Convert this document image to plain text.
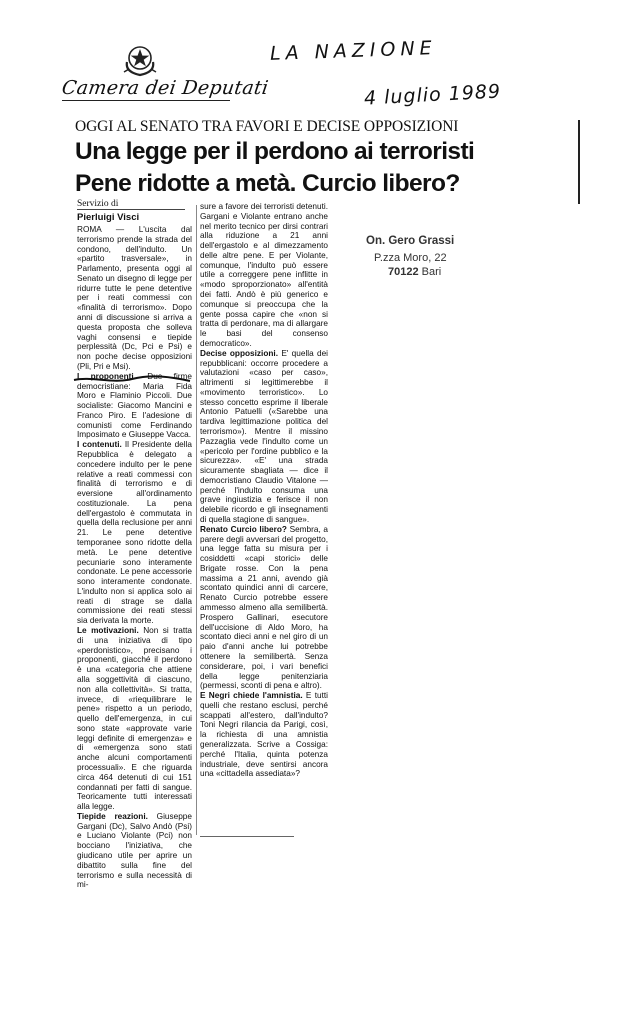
Camera dei Deputati
LA NAZIONE
4 luglio 1989
OGGI AL SENATO TRA FAVORI E DECISE OPPOSIZIONI
Una legge per il perdono ai terroristi
Pene ridotte a metà. Curcio libero?
Servizio di
Pierluigi Visci

ROMA — L'uscita dal terrorismo prende la strada del condono, dell'indulto. Un «partito trasversale», in Parlamento, presenta oggi al Senato un disegno di legge per ridurre tutte le pene detentive per i reati commessi con «finalità di terrorismo». Dopo anni di discussione si arriva a questa proposta che solleva vaghi consensi e tiepide perplessità (Dc, Pci e Psi) e non poche decise opposizioni (Pli, Pri e Msi).

I proponenti. Due firme democristiane: Maria Fida Moro e Flaminio Piccoli. Due socialiste: Giacomo Mancini e Franco Piro. E l'adesione di comunisti come Ferdinando Imposimato e Giuseppe Vacca.

I contenuti. Il Presidente della Repubblica è delegato a concedere indulto per le pene relative a reati commessi con finalità di terrorismo e di eversione all'ordinamento costituzionale. La pena dell'ergastolo è commutata in quella della reclusione per anni 21. Le pene detentive temporanee sono ridotte della metà. Le pene detentive pecuniarie sono interamente condonate. Le pene accessorie sono interamente condonate. L'indulto non si applica solo ai reati di strage se dalla commissione dei reati stessi sia derivata la morte.

Le motivazioni. Non si tratta di una iniziativa di tipo «perdonistico», precisano i proponenti, giacché il perdono è una «categoria che attiene alla soggettività di ciascuno, non alla collettività». Si tratta, invece, di «riequilibrare le pene» rispetto a un periodo, quello dell'emergenza, in cui sono state «approvate varie leggi definite di emergenza» e di «emergenza sono stati anche alcuni comportamenti processuali». E che riguarda circa 464 detenuti di cui 151 condannati per fatti di sangue. Teoricamente tutti interessati alla legge.

Tiepide reazioni. Giuseppe Gargani (Dc), Salvo Andò (Psi) e Luciano Violante (Pci) non bocciano l'iniziativa, che giudicano utile per aprire un dibattito sulla fine del terrorismo e sulla necessità di mi-

sure a favore dei terroristi detenuti. Gargani e Violante entrano anche nel merito tecnico per dirsi contrari alla riduzione a 21 anni dell'ergastolo e al dimezzamento delle altre pene. E per Violante, comunque, l'indulto può essere utile a correggere pene inflitte in «modo sproporzionato» all'entità dei fatti. Andò è più generico e comunque si preoccupa che la gente possa capire che «non si tratta di perdonare, ma di allargare le basi del consenso democratico».

Decise opposizioni. E' quella dei repubblicani: occorre procedere a valutazioni «caso per caso», altrimenti si legittimerebbe il «movimento terroristico». Lo stesso concetto esprime il liberale Antonio Patuelli («Sarebbe una tardiva legittimazione politica del terrorismo»). Mentre il missino Pazzaglia vede l'indulto come un «pericolo per l'ordine pubblico e la sicurezza». «E' una strada sicuramente sbagliata — dice il democristiano Claudio Vitalone — perché l'indulto consuma una grave ingiustizia e ferisce il non delebile ricordo e gli insegnamenti di quella stagione di sangue».

Renato Curcio libero? Sembra, a parere degli avversari del progetto, una legge fatta su misura per i cosiddetti «capi storici» delle Brigate rosse. Con la pena massima a 21 anni, avendo già scontato quindici anni di carcere, Renato Curcio potrebbe essere ammesso almeno alla semilibertà. Prospero Gallinari, esecutore dell'uccisione di Aldo Moro, ha scontato dieci anni e nel giro di un paio d'anni anche lui potrebbe ottenere la semilibertà. Senza considerare, poi, i vari benefici della legge penitenziaria (permessi, sconti di pena e altro).

E Negri chiede l'amnistia. E tutti quelli che restano esclusi, perché scappati all'estero, dall'indulto? Toni Negri rilancia da Parigi, così, la richiesta di una amnistia generalizzata. Scrive a Cossiga: perché l'Italia, quinta potenza industriale, deve sentirsi ancora una «cittadella assediata»?

On. Gero Grassi
P.zza Moro, 22
70122 Bari
